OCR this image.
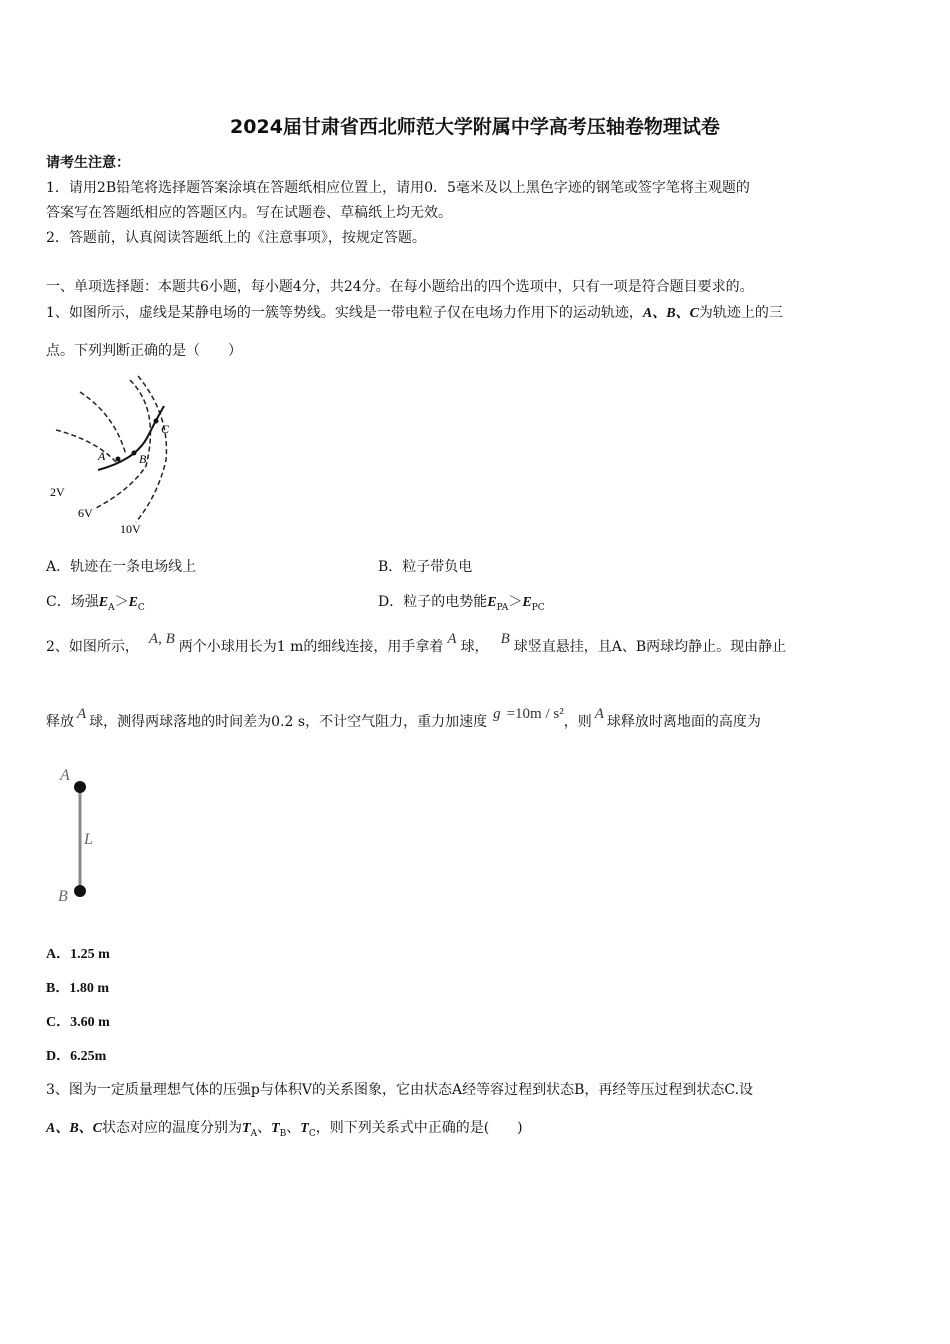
2024届甘肃省西北师范大学附属中学高考压轴卷物理试卷
请考生注意：
1．请用2B铅笔将选择题答案涂填在答题纸相应位置上，请用0．5毫米及以上黑色字迹的钢笔或签字笔将主观题的
答案写在答题纸相应的答题区内。写在试题卷、草稿纸上均无效。
2．答题前，认真阅读答题纸上的《注意事项》，按规定答题。
一、单项选择题：本题共6小题，每小题4分，共24分。在每小题给出的四个选项中，只有一项是符合题目要求的。
1、如图所示，虚线是某静电场的一簇等势线。实线是一带电粒子仅在电场力作用下的运动轨迹，A、B、C为轨迹上的三
点。下列判断正确的是（　　）
A	B
C
2V
6V
10V
A．轨迹在一条电场线上	B．粒子带负电
C．场强$E_A>E_C$	D．粒子的电势能$E_{PA}>E_{PC}$
2、如图所示， A, B 两个小球用长为1 m的细线连接，用手拿着 A 球， B 球竖直悬挂，且A、B两球均静止。现由静止
释放 A 球，测得两球落地的时间差为0.2 s，不计空气阻力，重力加速度 g =10m / s²，则 A 球释放时离地面的高度为
A
L
B
A．1.25 m
B．1.80 m
C．3.60 m
D．6.25m
3、图为一定质量理想气体的压强p与体积V的关系图象，它由状态A经等容过程到状态B，再经等压过程到状态C.设
A、B、C状态对应的温度分别为$T_A$、$T_B$、$T_C$，则下列关系式中正确的是(　　)
